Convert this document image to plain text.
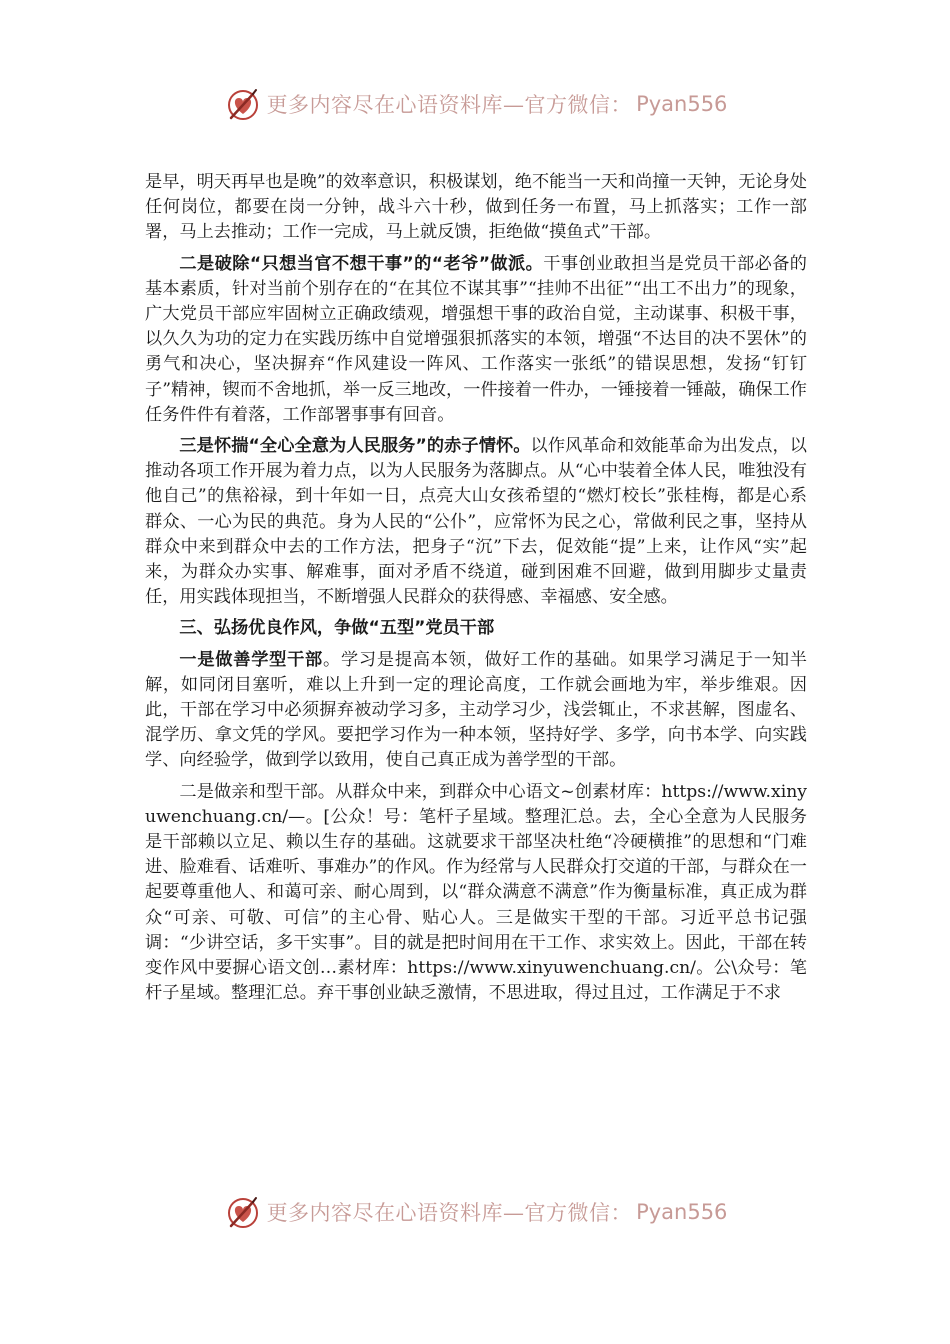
更多内容尽在心语资料库—官方微信： Pyan556

是早，明天再早也是晚”的效率意识，积极谋划，绝不能当一天和尚撞一天钟，无论身处任何岗位，都要在岗一分钟，战斗六十秒，做到任务一布置，马上抓落实；工作一部署，马上去推动；工作一完成，马上就反馈，拒绝做“摸鱼式”干部。

二是破除“只想当官不想干事”的“老爷”做派。干事创业敢担当是党员干部必备的基本素质，针对当前个别存在的“在其位不谋其事”“挂帅不出征”“出工不出力”的现象，广大党员干部应牢固树立正确政绩观，增强想干事的政治自觉，主动谋事、积极干事，以久久为功的定力在实践历练中自觉增强狠抓落实的本领，增强“不达目的决不罢休”的勇气和决心，坚决摒弃“作风建设一阵风、工作落实一张纸”的错误思想，发扬“钉钉子”精神，锲而不舍地抓，举一反三地改，一件接着一件办，一锤接着一锤敲，确保工作任务件件有着落，工作部署事事有回音。

三是怀揣“全心全意为人民服务”的赤子情怀。以作风革命和效能革命为出发点，以推动各项工作开展为着力点，以为人民服务为落脚点。从“心中装着全体人民，唯独没有他自己”的焦裕禄，到十年如一日，点亮大山女孩希望的“燃灯校长”张桂梅，都是心系群众、一心为民的典范。身为人民的“公仆”，应常怀为民之心，常做利民之事，坚持从群众中来到群众中去的工作方法，把身子“沉”下去，促效能“提”上来，让作风“实”起来，为群众办实事、解难事，面对矛盾不绕道，碰到困难不回避，做到用脚步丈量责任，用实践体现担当，不断增强人民群众的获得感、幸福感、安全感。

三、弘扬优良作风，争做“五型”党员干部

一是做善学型干部。学习是提高本领，做好工作的基础。如果学习满足于一知半解，如同闭目塞听，难以上升到一定的理论高度，工作就会画地为牢，举步维艰。因此，干部在学习中必须摒弃被动学习多，主动学习少，浅尝辄止，不求甚解，图虚名、混学历、拿文凭的学风。要把学习作为一种本领，坚持好学、多学，向书本学、向实践学、向经验学，做到学以致用，使自己真正成为善学型的干部。

二是做亲和型干部。从群众中来，到群众中心语文~创素材库：https://www.xinyuwenchuang.cn/—。[公众！号：笔杆子星域。整理汇总。去，全心全意为人民服务是干部赖以立足、赖以生存的基础。这就要求干部坚决杜绝“冷硬横推”的思想和“门难进、脸难看、话难听、事难办”的作风。作为经常与人民群众打交道的干部，与群众在一起要尊重他人、和蔼可亲、耐心周到，以“群众满意不满意”作为衡量标准，真正成为群众“可亲、可敬、可信”的主心骨、贴心人。三是做实干型的干部。习近平总书记强调：“少讲空话，多干实事”。目的就是把时间用在干工作、求实效上。因此，干部在转变作风中要摒心语文创…素材库：https://www.xinyuwenchuang.cn/。公\众号：笔杆子星域。整理汇总。弃干事创业缺乏激情，不思进取，得过且过，工作满足于不求

更多内容尽在心语资料库—官方微信： Pyan556
